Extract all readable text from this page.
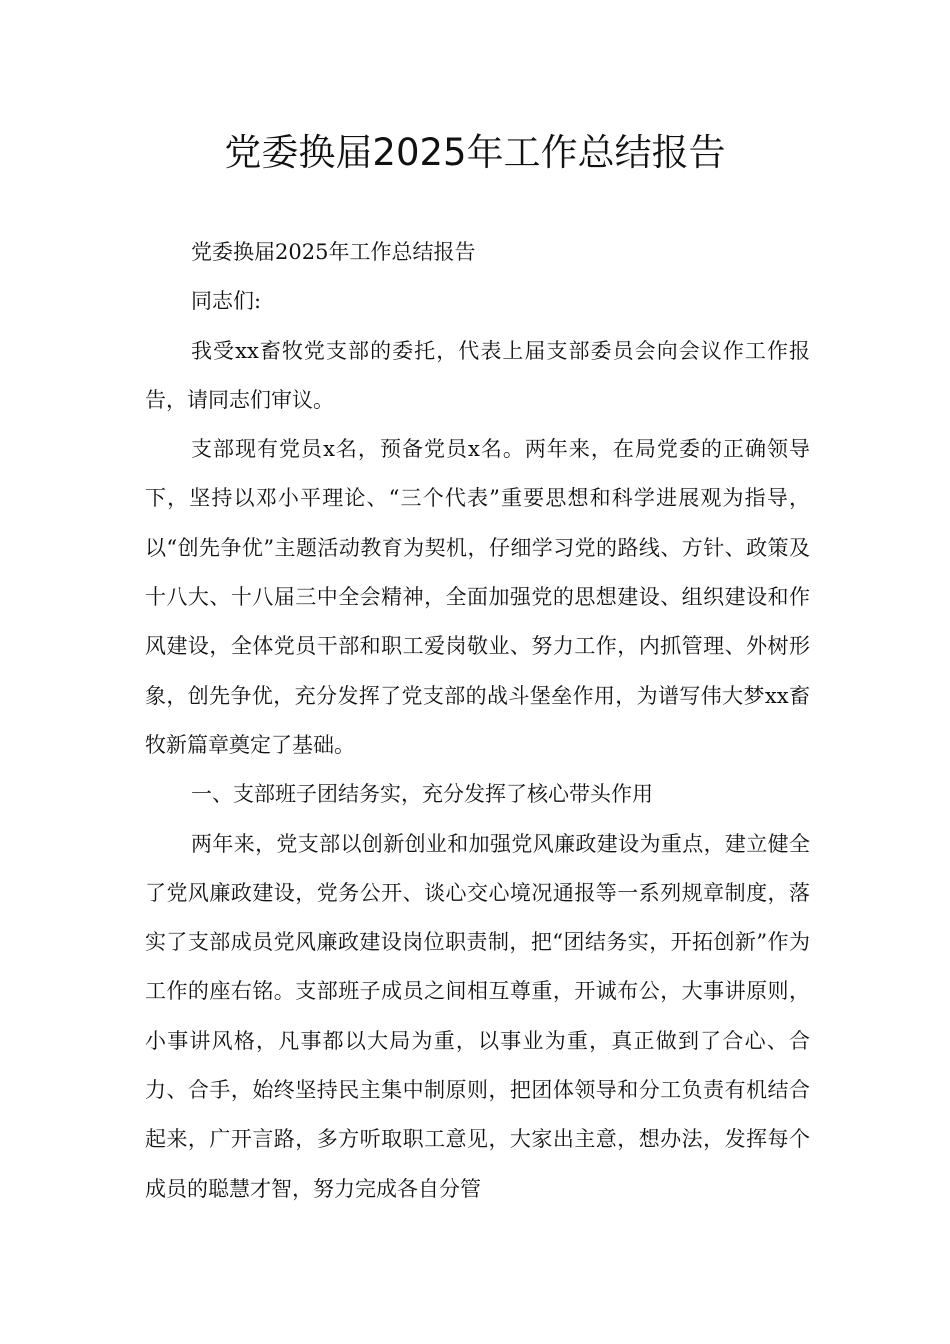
党委换届2025年工作总结报告

党委换届2025年工作总结报告

同志们:

我受xx畜牧党支部的委托，代表上届支部委员会向会议作工作报告，请同志们审议。

支部现有党员x名，预备党员x名。两年来，在局党委的正确领导下，坚持以邓小平理论、“三个代表”重要思想和科学进展观为指导，以“创先争优”主题活动教育为契机，仔细学习党的路线、方针、政策及十八大、十八届三中全会精神，全面加强党的思想建设、组织建设和作风建设，全体党员干部和职工爱岗敬业、努力工作，内抓管理、外树形象，创先争优，充分发挥了党支部的战斗堡垒作用，为谱写伟大梦xx畜牧新篇章奠定了基础。

一、支部班子团结务实，充分发挥了核心带头作用

两年来，党支部以创新创业和加强党风廉政建设为重点，建立健全了党风廉政建设，党务公开、谈心交心境况通报等一系列规章制度，落实了支部成员党风廉政建设岗位职责制，把“团结务实，开拓创新”作为工作的座右铭。支部班子成员之间相互尊重，开诚布公，大事讲原则，小事讲风格，凡事都以大局为重，以事业为重，真正做到了合心、合力、合手，始终坚持民主集中制原则，把团体领导和分工负责有机结合起来，广开言路，多方听取职工意见，大家出主意，想办法，发挥每个成员的聪慧才智，努力完成各自分管
